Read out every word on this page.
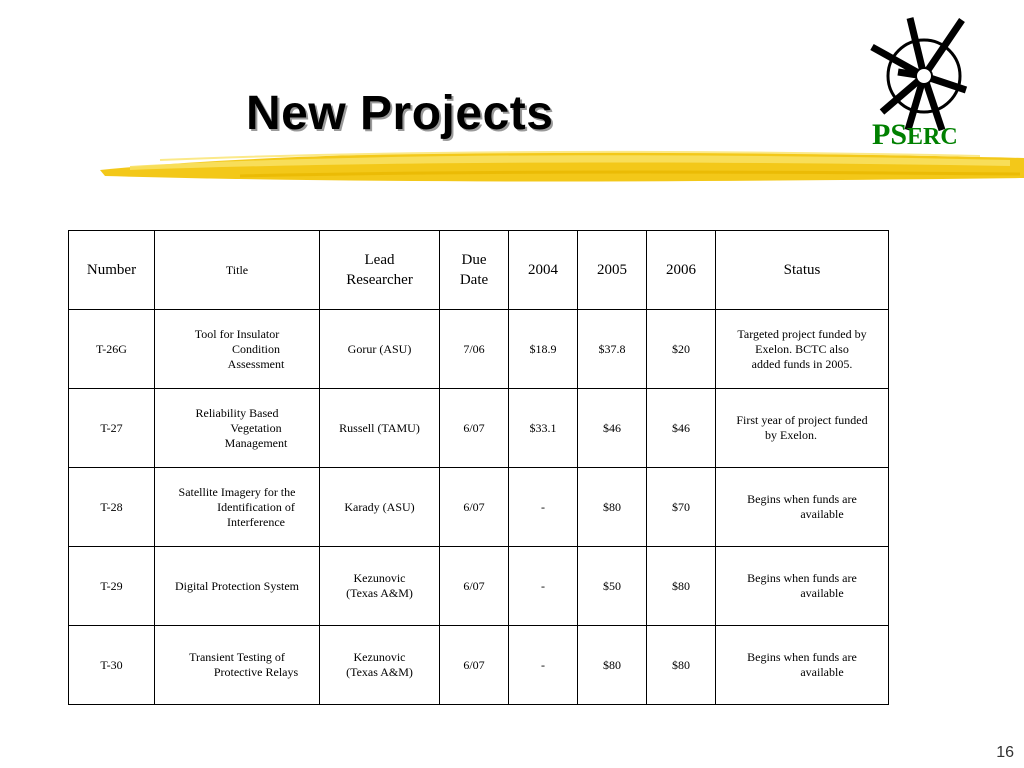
New Projects	PSERC
Number	Title	Lead
Researcher	Due
Date	2004	2005	2006	Status
T-26G	Tool for Insulator
Condition
Assessment	Gorur (ASU)	7/06	$18.9	$37.8	$20	Targeted project funded by
Exelon. BCTC also
added funds in 2005.
T-27	Reliability Based
Vegetation
Management	Russell (TAMU)	6/07	$33.1	$46	$46	First year of project funded
by Exelon.
T-28	Satellite Imagery for the
Identification of
Interference	Karady (ASU)	6/07	-	$80	$70	Begins when funds are
available
T-29	Digital Protection System	Kezunovic
(Texas A&M)	6/07	-	$50	$80	Begins when funds are
available
T-30	Transient Testing of
Protective Relays	Kezunovic
(Texas A&M)	6/07	-	$80	$80	Begins when funds are
available
16
